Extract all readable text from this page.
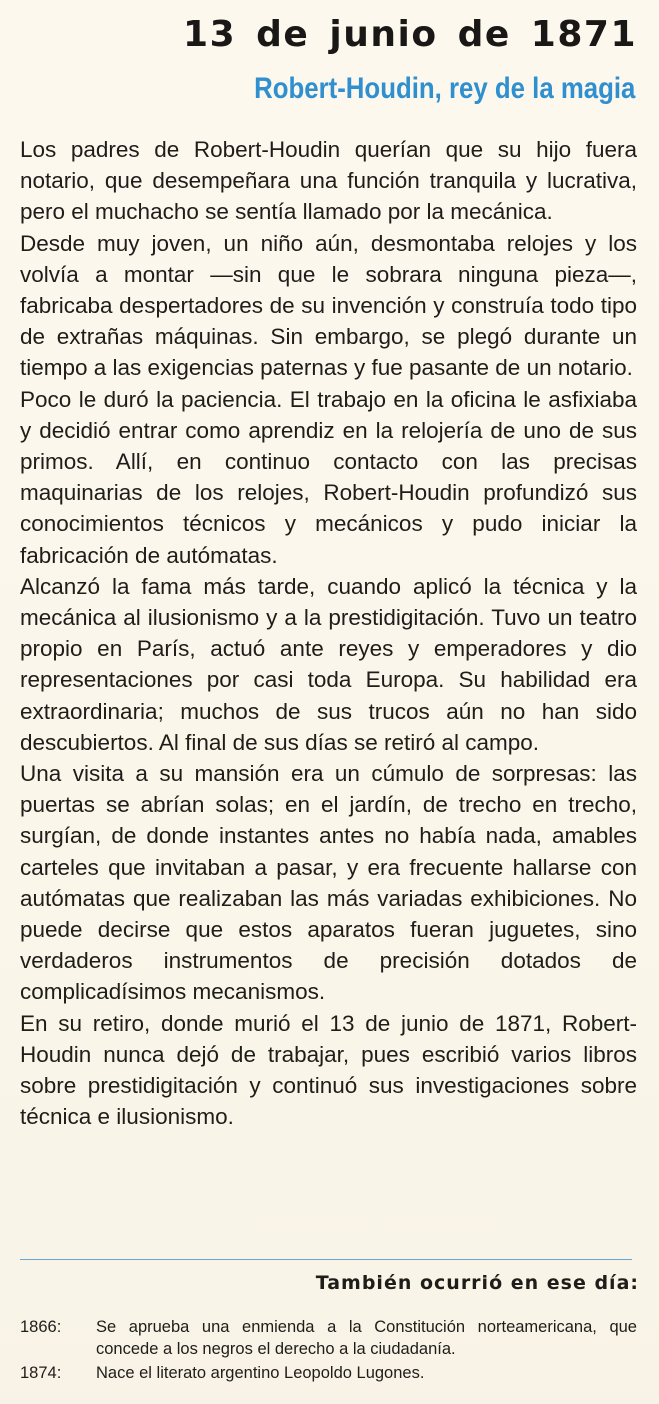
13 de junio de 1871
Robert-Houdin, rey de la magia

Los padres de Robert-Houdin querían que su hijo fuera notario, que desempeñara una función tranquila y lucrativa, pero el muchacho se sentía llamado por la mecánica.

Desde muy joven, un niño aún, desmontaba relojes y los volvía a montar —sin que le sobrara ninguna pieza—, fabricaba despertadores de su invención y construía todo tipo de extrañas máquinas. Sin embargo, se plegó durante un tiempo a las exigencias paternas y fue pasante de un notario.

Poco le duró la paciencia. El trabajo en la oficina le asfixiaba y decidió entrar como aprendiz en la relojería de uno de sus primos. Allí, en continuo contacto con las precisas maquinarias de los relojes, Robert-Houdin profundizó sus conocimientos técnicos y mecánicos y pudo iniciar la fabricación de autómatas.

Alcanzó la fama más tarde, cuando aplicó la técnica y la mecánica al ilusionismo y a la prestidigitación. Tuvo un teatro propio en París, actuó ante reyes y emperadores y dio representaciones por casi toda Europa. Su habilidad era extraordinaria; muchos de sus trucos aún no han sido descubiertos. Al final de sus días se retiró al campo.

Una visita a su mansión era un cúmulo de sorpresas: las puertas se abrían solas; en el jardín, de trecho en trecho, surgían, de donde instantes antes no había nada, amables carteles que invitaban a pasar, y era frecuente hallarse con autómatas que realizaban las más variadas exhibiciones. No puede decirse que estos aparatos fueran juguetes, sino verdaderos instrumentos de precisión dotados de complicadísimos mecanismos.

En su retiro, donde murió el 13 de junio de 1871, Robert-Houdin nunca dejó de trabajar, pues escribió varios libros sobre prestidigitación y continuó sus investigaciones sobre técnica e ilusionismo.

También ocurrió en ese día:
1866:	Se aprueba una enmienda a la Constitución norteamericana, que concede a los negros el derecho a la ciudadanía.
1874:	Nace el literato argentino Leopoldo Lugones.
